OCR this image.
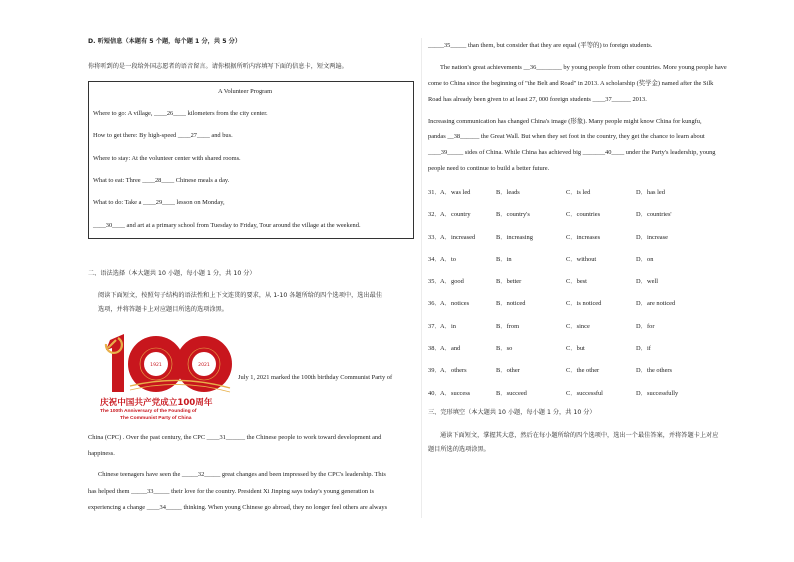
D. 听短信息（本题有 5 个题，每个题 1 分，共 5 分）
你将听到的是一段给外国志愿者的语音留言。请你根据所听内容填写下面的信息卡，短文两遍。
A Volunteer Program
Where to go: A village, ____26____ kilometers from the city center.
How to get there: By high-speed ____27____ and bus.
Where to stay: At the volunteer center with shared rooms.
What to eat: Three ____28____ Chinese meals a day.
What to do: Take a ____29____ lesson on Monday,
____30____ and art at a primary school from Tuesday to Friday, Tour around the village at the weekend.
二、语法选择（本大题共 10 小题，每小题 1 分，共 10 分）
阅读下面短文，按照句子结构的语法性和上下文连贯的要求，从 1-10 各题所给的四个选项中，选出最佳
选项，并将答题卡上对应题目所选的选项涂黑。
1921	2021
庆祝中国共产党成立100周年
The 100th Anniversary of the Founding of
The Communist Party of China
July 1, 2021 marked the 100th birthday Communist Party of
China (CPC) . Over the past century, the CPC ____31______ the Chinese people to work toward development and
happiness.
Chinese teenagers have seen the _____32_____ great changes and been impressed by the CPC's leadership. This
has helped them _____33_____ their love for the country. President Xi Jinping says today's young generation is
experiencing a change ____34_____ thinking. When young Chinese go abroad, they no longer feel others are always
_____35_____ than them, but consider that they are equal (平等的) to foreign students.
The nation's great achievements __36________ by young people from other countries. More young people have
come to China since the beginning of "the Belt and Road" in 2013. A scholarship (奖学金) named after the Silk
Road has already been given to at least 27, 000 foreign students ____37______ 2013.
Increasing communication has changed China's image (形象). Many people might know China for kungfu,
pandas __38______ the Great Wall. But when they set foot in the country, they get the chance to learn about
____39_____ sides of China. While China has achieved big _______40____ under the Party's leadership, young
people need to continue to build a better future.
31． A．was led	B．leads	C．is led	D．has led
32． A．country	B．country's	C．countries	D．countries'
33． A．increased	B．increasing	C．increases	D．increase
34． A．to	B．in	C．without	D．on
35． A．good	B．better	C．best	D．well
36． A．notices	B．noticed	C．is noticed	D．are noticed
37． A．in	B．from	C．since	D．for
38． A．and	B．so	C．but	D．if
39． A．others	B．other	C．the other	D．the others
40． A．success	B．succeed	C．successful	D．successfully
三、完形填空（本大题共 10 小题，每小题 1 分，共 10 分）
通读下面短文，掌握其大意，然后在每小题所给的四个选项中，选出一个最佳答案，并将答题卡上对应
题目所选的选项涂黑。
